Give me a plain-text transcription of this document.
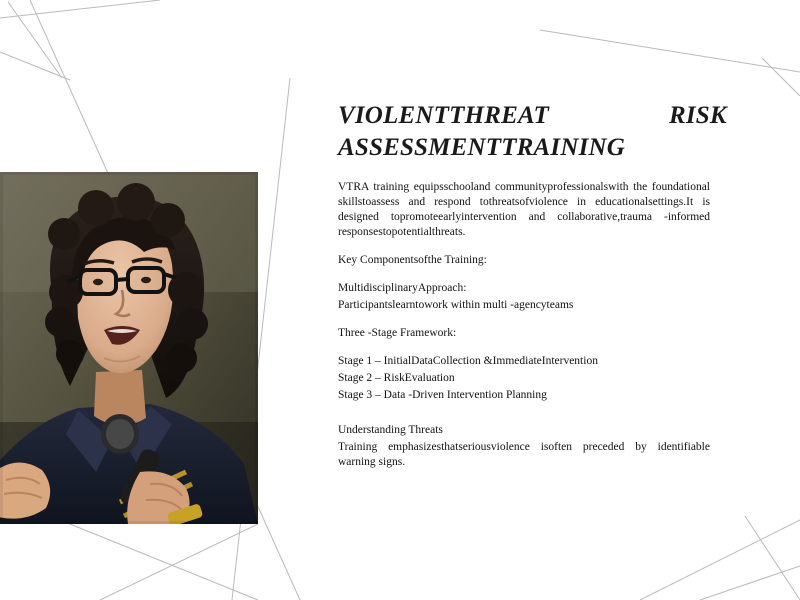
VIOLENTTHREAT	RISK
ASSESSMENTTRAINING

VTRA training equipsschooland communityprofessionalswith the foundational skillstoassess and respond tothreatsofviolence in educationalsettings.It is designed topromoteearlyintervention and collaborative,trauma -informed responsestopotentialthreats.

Key Componentsofthe Training:

MultidisciplinaryApproach:

Participantslearntowork within multi -agencyteams

Three -Stage Framework:

Stage 1 – InitialDataCollection &ImmediateIntervention

Stage 2 – RiskEvaluation

Stage 3 – Data -Driven Intervention Planning

Understanding Threats

Training emphasizesthatseriousviolence isoften preceded by identifiable warning signs.
